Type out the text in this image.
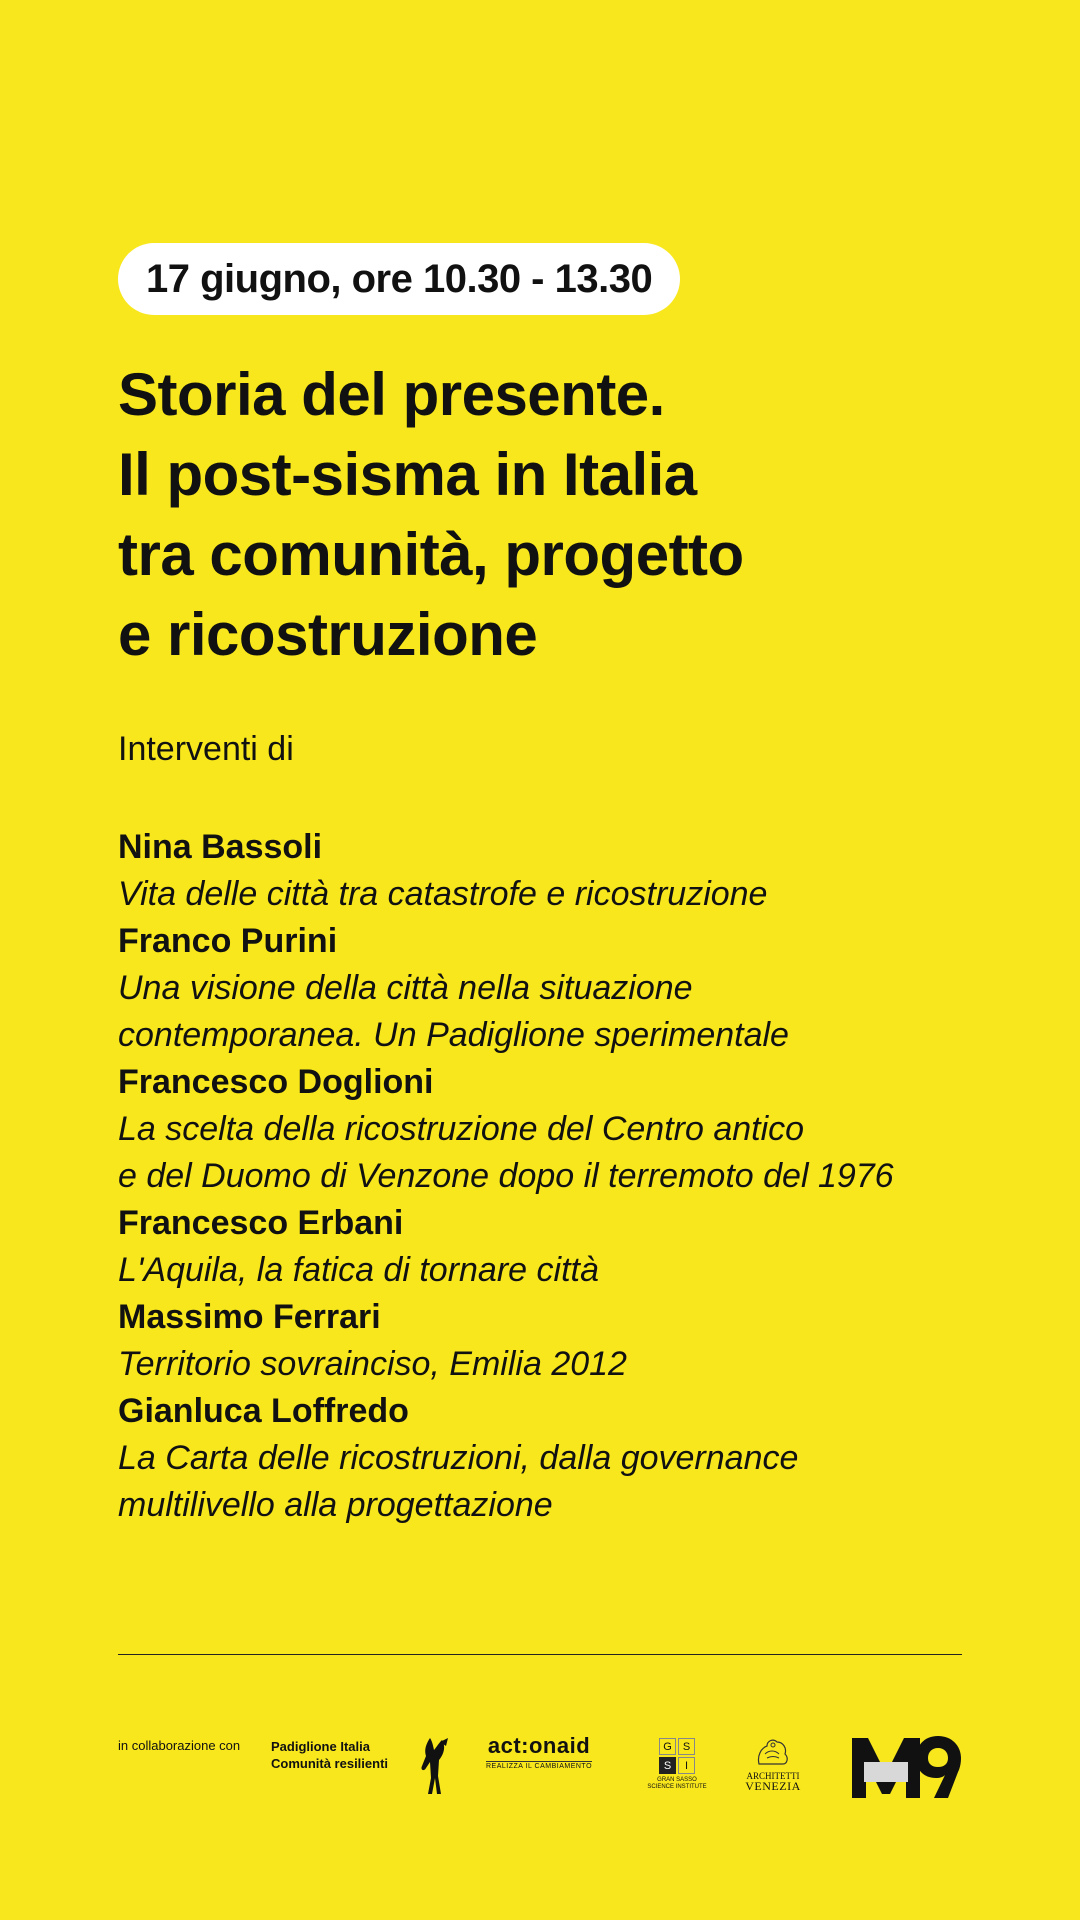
17 giugno, ore 10.30 - 13.30
Storia del presente.
Il post-sisma in Italia
tra comunità, progetto
e ricostruzione
Interventi di
Nina Bassoli
Vita delle città tra catastrofe e ricostruzione
Franco Purini
Una visione della città nella situazione
contemporanea. Un Padiglione sperimentale
Francesco Doglioni
La scelta della ricostruzione del Centro antico
e del Duomo di Venzone dopo il terremoto del 1976
Francesco Erbani
L'Aquila, la fatica di tornare città
Massimo Ferrari
Territorio sovrainciso, Emilia 2012
Gianluca Loffredo
La Carta delle ricostruzioni, dalla governance
multilivello alla progettazione
in collaborazione con Padiglione Italia
Comunità resilienti
act:onaid
REALIZZA IL CAMBIAMENTO
G	S
S	I
GRAN SASSO
SCIENCE INSTITUTE
ARCHITETTI
VENEZIA
